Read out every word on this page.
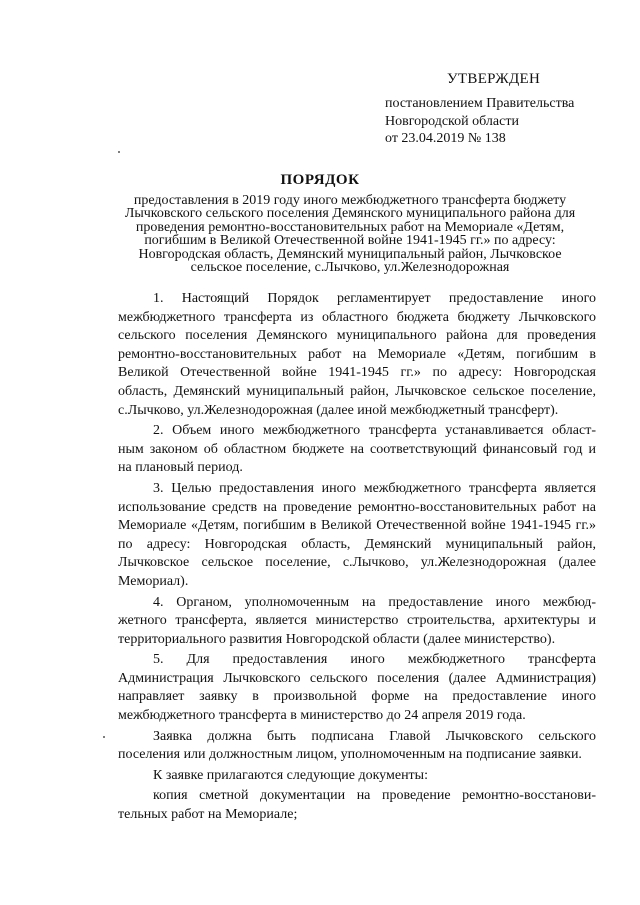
УТВЕРЖДЕН
постановлением Правительства
Новгородской области
от 23.04.2019 № 138
ПОРЯДОК
предоставления в 2019 году иного межбюджетного трансферта бюджету
Лычковского сельского поселения Демянского муниципального района для
проведения ремонтно-восстановительных работ на Мемориале «Детям,
погибшим в Великой Отечественной войне 1941-1945 гг.» по адресу:
Новгородская область, Демянский муниципальный район, Лычковское
сельское поселение, с.Лычково, ул.Железнодорожная
1. Настоящий Порядок регламентирует предоставление иного
межбюджетного трансферта из областного бюджета бюджету Лычковского
сельского поселения Демянского муниципального района для проведения
ремонтно-восстановительных работ на Мемориале «Детям, погибшим в
Великой Отечественной войне 1941-1945 гг.» по адресу: Новгородская
область, Демянский муниципальный район, Лычковское сельское поселение,
с.Лычково, ул.Железнодорожная (далее иной межбюджетный трансферт).
2. Объем иного межбюджетного трансферта устанавливается област-
ным законом об областном бюджете на соответствующий финансовый год и
на плановый период.
3. Целью предоставления иного межбюджетного трансферта является
использование средств на проведение ремонтно-восстановительных работ на
Мемориале «Детям, погибшим в Великой Отечественной войне 1941-1945 гг.»
по адресу: Новгородская область, Демянский муниципальный район,
Лычковское сельское поселение, с.Лычково, ул.Железнодорожная (далее
Мемориал).
4. Органом, уполномоченным на предоставление иного межбюд-
жетного трансферта, является министерство строительства, архитектуры и
территориального развития Новгородской области (далее министерство).
5. Для предоставления иного межбюджетного трансферта
Администрация Лычковского сельского поселения (далее Администрация)
направляет заявку в произвольной форме на предоставление иного
межбюджетного трансферта в министерство до 24 апреля 2019 года.
Заявка должна быть подписана Главой Лычковского сельского
поселения или должностным лицом, уполномоченным на подписание заявки.
К заявке прилагаются следующие документы:
копия сметной документации на проведение ремонтно-восстанови-
тельных работ на Мемориале;
